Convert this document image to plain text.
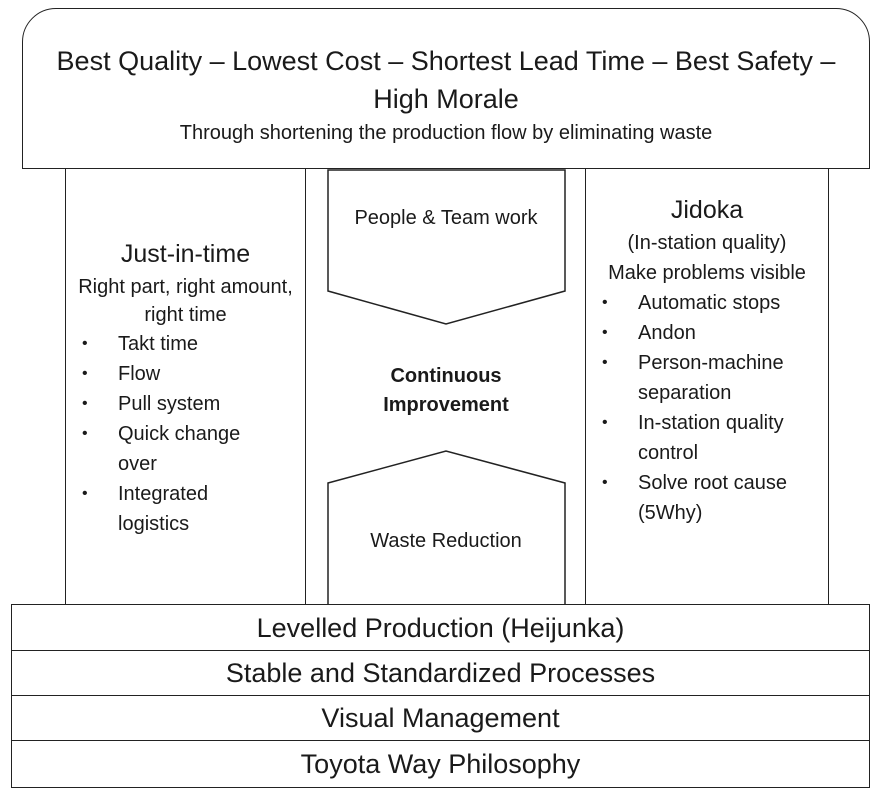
Best Quality – Lowest Cost – Shortest Lead Time – Best Safety – High Morale
Through shortening the production flow by eliminating waste
Just-in-time
Right part, right amount, right time
• Takt time
• Flow
• Pull system
• Quick change over
• Integrated logistics
Jidoka
(In-station quality) Make problems visible
• Automatic stops
• Andon
• Person-machine separation
• In-station quality control
• Solve root cause (5Why)
People & Team work
Continuous Improvement
Waste Reduction
Levelled Production (Heijunka)
Stable and Standardized Processes
Visual Management
Toyota Way Philosophy
